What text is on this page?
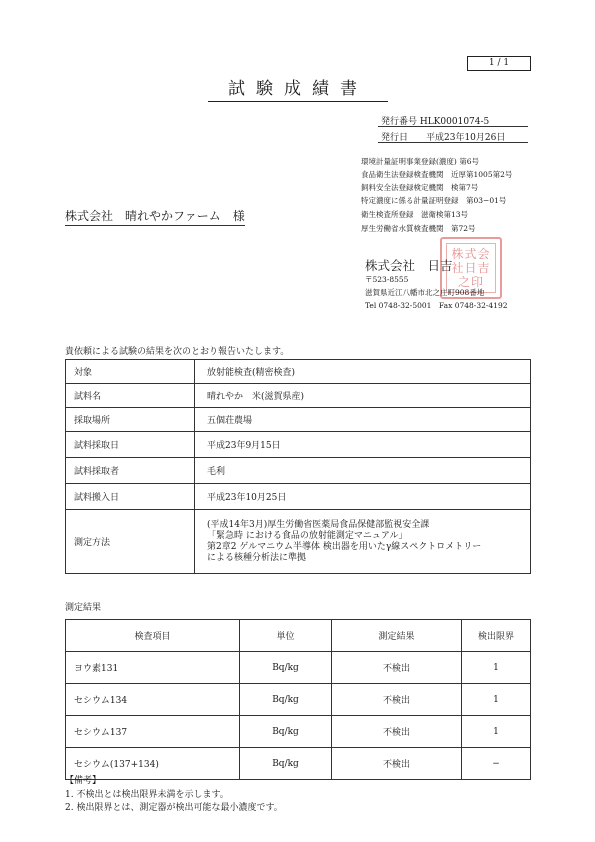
1 / 1
試験成績書
発行番号 HLK0001074-5
発行日　　平成23年10月26日
環境計量証明事業登録(濃度) 第6号
食品衛生法登録検査機関　近厚第1005第2号
飼料安全法登録検定機関　検第7号
特定濃度に係る計量証明登録　第03−01号
衛生検査所登録　滋衛検第13号
厚生労働省水質検査機関　第72号
株式会社　晴れやかファーム　様
株式会社日吉之印
株式会社　日吉
〒523-8555
滋賀県近江八幡市北之庄町908番地
Tel 0748-32-5001　Fax 0748-32-4192
貴依頼による試験の結果を次のとおり報告いたします。
対象	放射能検査(精密検査)
試料名	晴れやか　米(滋賀県産)
採取場所	五個荘農場
試料採取日	平成23年9月15日
試料採取者	毛利
試料搬入日	平成23年10月25日
測定方法	(平成14年3月)厚生労働省医薬局食品保健部監視安全課
「緊急時 における食品の放射能測定マニュアル」
第2章2 ゲルマニウム半導体 検出器を用いたγ線スペクトロメトリー
による核種分析法に準拠
測定結果
検査項目	単位	測定結果	検出限界
ヨウ素131	Bq/kg	不検出	1
セシウム134	Bq/kg	不検出	1
セシウム137	Bq/kg	不検出	1
セシウム(137+134)	Bq/kg	不検出	−
【備考】
1. 不検出とは検出限界未満を示します。
2. 検出限界とは、測定器が検出可能な最小濃度です。
